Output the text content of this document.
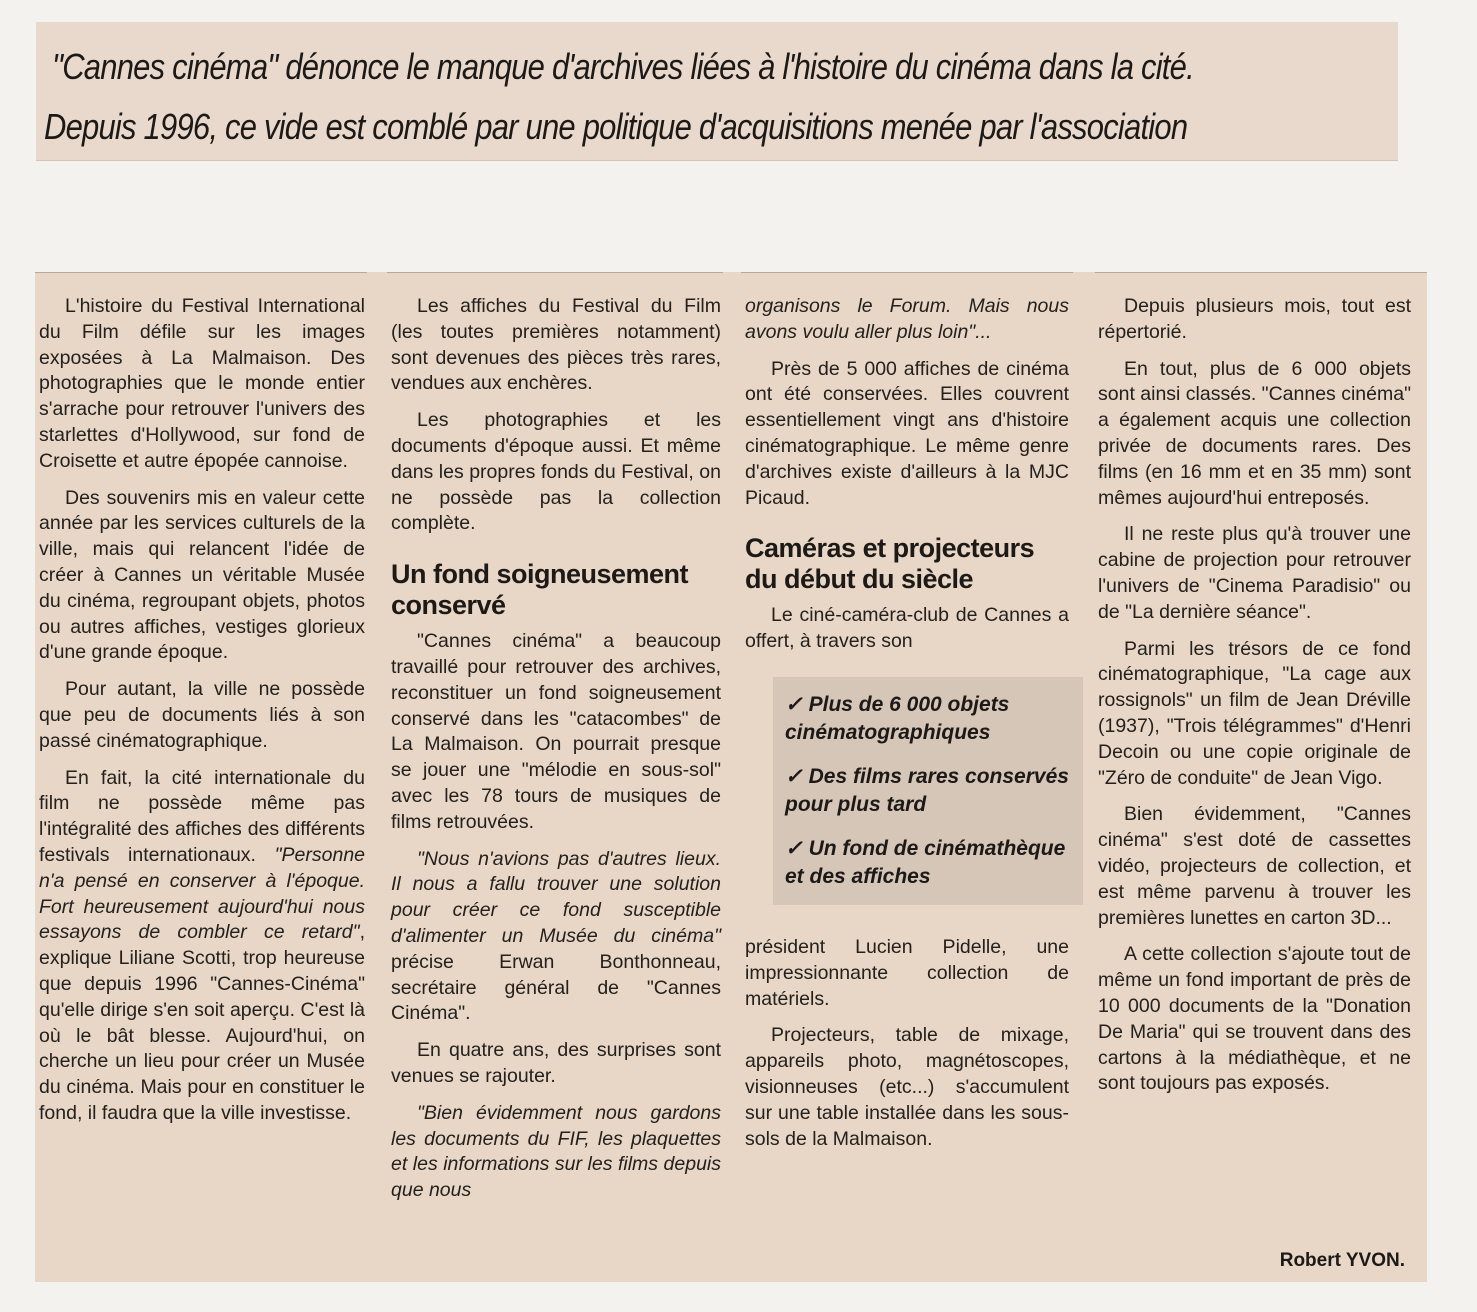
"Cannes cinéma" dénonce le manque d'archives liées à l'histoire du cinéma dans la cité.
Depuis 1996, ce vide est comblé par une politique d'acquisitions menée par l'association

L'histoire du Festival International du Film défile sur les images exposées à La Malmaison. Des photographies que le monde entier s'arrache pour retrouver l'univers des starlettes d'Hollywood, sur fond de Croisette et autre épopée cannoise.

Des souvenirs mis en valeur cette année par les services culturels de la ville, mais qui relancent l'idée de créer à Cannes un véritable Musée du cinéma, regroupant objets, photos ou autres affiches, vestiges glorieux d'une grande époque.

Pour autant, la ville ne possède que peu de documents liés à son passé cinématographique.

En fait, la cité internationale du film ne possède même pas l'intégralité des affiches des différents festivals internationaux. "Personne n'a pensé en conserver à l'époque. Fort heureusement aujourd'hui nous essayons de combler ce retard", explique Liliane Scotti, trop heureuse que depuis 1996 "Cannes-Cinéma" qu'elle dirige s'en soit aperçu. C'est là où le bât blesse. Aujourd'hui, on cherche un lieu pour créer un Musée du cinéma. Mais pour en constituer le fond, il faudra que la ville investisse.

Les affiches du Festival du Film (les toutes premières notamment) sont devenues des pièces très rares, vendues aux enchères.

Les photographies et les documents d'époque aussi. Et même dans les propres fonds du Festival, on ne possède pas la collection complète.

Un fond soigneusement conservé

"Cannes cinéma" a beaucoup travaillé pour retrouver des archives, reconstituer un fond soigneusement conservé dans les "catacombes" de La Malmaison. On pourrait presque se jouer une "mélodie en sous-sol" avec les 78 tours de musiques de films retrouvées.

"Nous n'avions pas d'autres lieux. Il nous a fallu trouver une solution pour créer ce fond susceptible d'alimenter un Musée du cinéma" précise Erwan Bonthonneau, secrétaire général de "Cannes Cinéma".

En quatre ans, des surprises sont venues se rajouter.

"Bien évidemment nous gardons les documents du FIF, les plaquettes et les informations sur les films depuis que nous

organisons le Forum. Mais nous avons voulu aller plus loin"...

Près de 5 000 affiches de cinéma ont été conservées. Elles couvrent essentiellement vingt ans d'histoire cinématographique. Le même genre d'archives existe d'ailleurs à la MJC Picaud.

Caméras et projecteurs du début du siècle

Le ciné-caméra-club de Cannes a offert, à travers son

✓ Plus de 6 000 objets cinématographiques
✓ Des films rares conservés pour plus tard
✓ Un fond de cinémathèque et des affiches

président Lucien Pidelle, une impressionnante collection de matériels.

Projecteurs, table de mixage, appareils photo, magnétoscopes, visionneuses (etc...) s'accumulent sur une table installée dans les sous-sols de la Malmaison.

Depuis plusieurs mois, tout est répertorié.

En tout, plus de 6 000 objets sont ainsi classés. "Cannes cinéma" a également acquis une collection privée de documents rares. Des films (en 16 mm et en 35 mm) sont mêmes aujourd'hui entreposés.

Il ne reste plus qu'à trouver une cabine de projection pour retrouver l'univers de "Cinema Paradisio" ou de "La dernière séance".

Parmi les trésors de ce fond cinématographique, "La cage aux rossignols" un film de Jean Dréville (1937), "Trois télégrammes" d'Henri Decoin ou une copie originale de "Zéro de conduite" de Jean Vigo.

Bien évidemment, "Cannes cinéma" s'est doté de cassettes vidéo, projecteurs de collection, et est même parvenu à trouver les premières lunettes en carton 3D...

A cette collection s'ajoute tout de même un fond important de près de 10 000 documents de la "Donation De Maria" qui se trouvent dans des cartons à la médiathèque, et ne sont toujours pas exposés.

Robert YVON.
